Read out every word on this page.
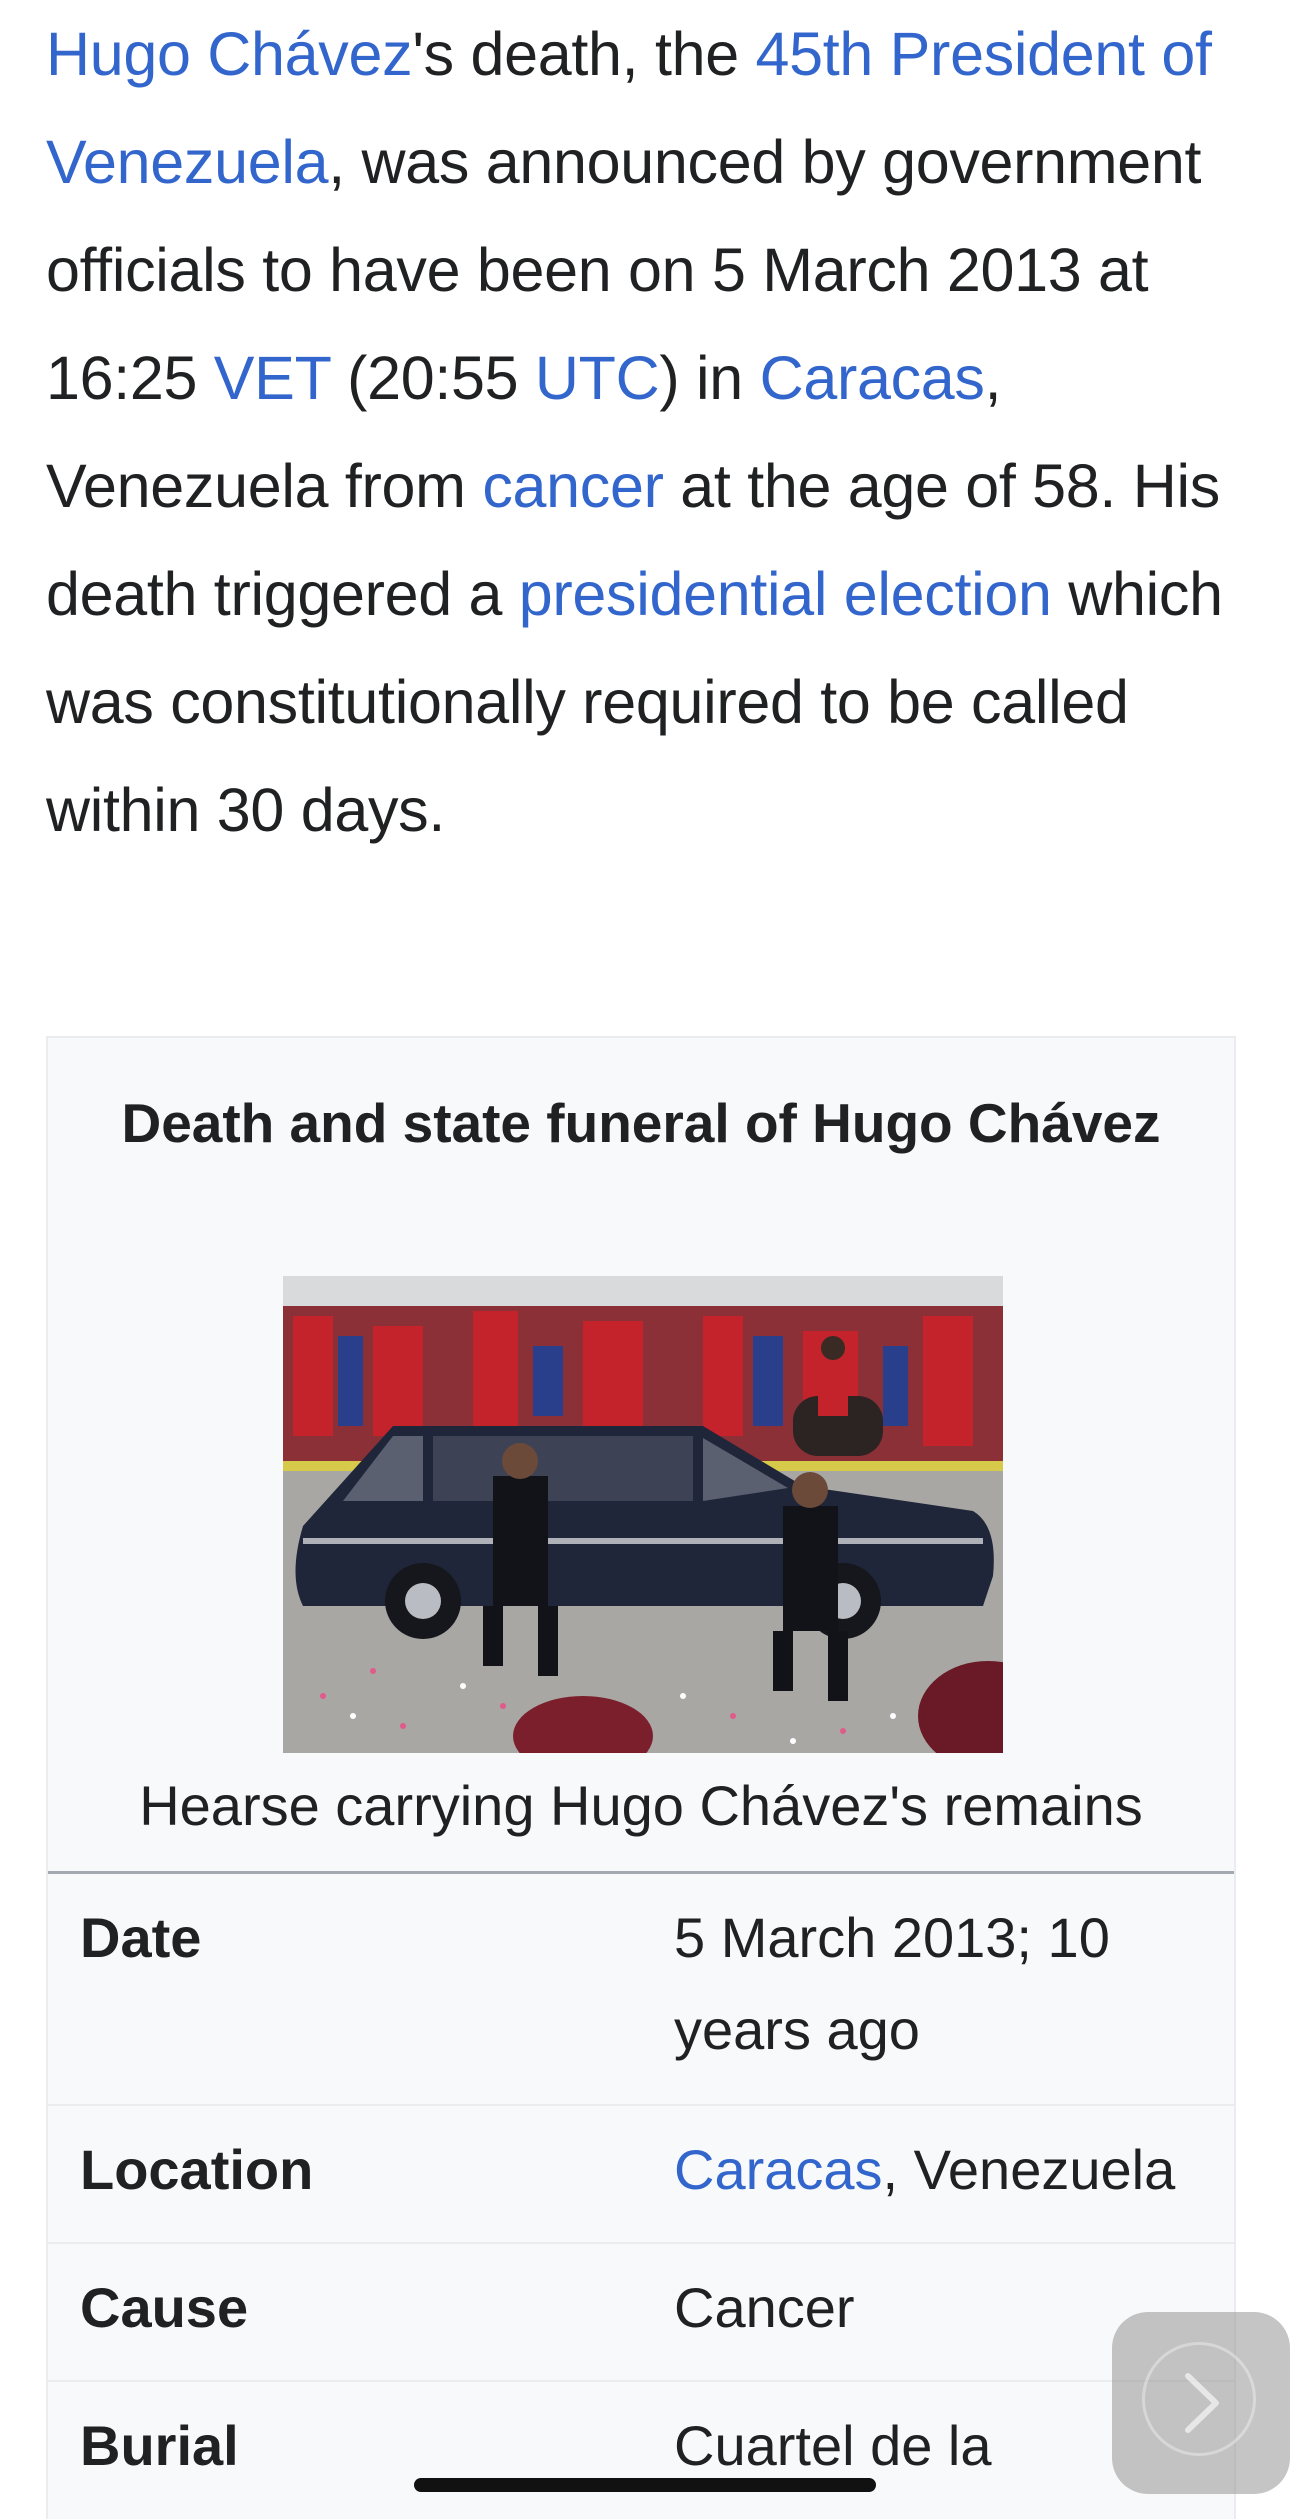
Hugo Chávez's death, the 45th President of Venezuela, was announced by government officials to have been on 5 March 2013 at 16:25 VET (20:55 UTC) in Caracas, Venezuela from cancer at the age of 58. His death triggered a presidential election which was constitutionally required to be called within 30 days.

Death and state funeral of Hugo Chávez
Hearse carrying Hugo Chávez's remains
Date	5 March 2013; 10 years ago
Location	Caracas, Venezuela
Cause	Cancer
Burial	Cuartel de la
